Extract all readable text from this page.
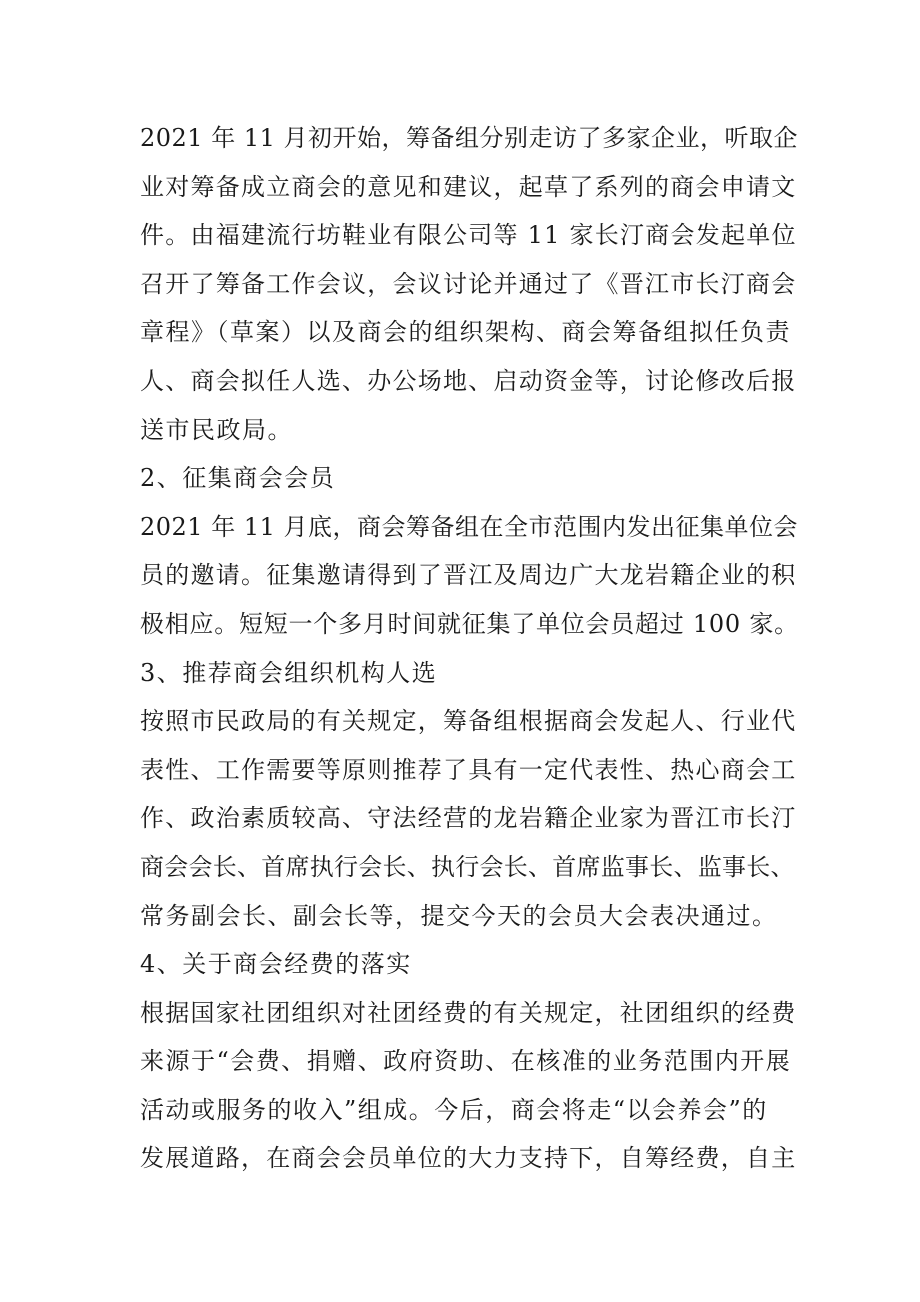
2021 年 11 月初开始，筹备组分别走访了多家企业，听取企
业对筹备成立商会的意见和建议，起草了系列的商会申请文
件。由福建流行坊鞋业有限公司等 11 家长汀商会发起单位
召开了筹备工作会议，会议讨论并通过了《晋江市长汀商会
章程》（草案）以及商会的组织架构、商会筹备组拟任负责
人、商会拟任人选、办公场地、启动资金等，讨论修改后报
送市民政局。
2、征集商会会员
2021 年 11 月底，商会筹备组在全市范围内发出征集单位会
员的邀请。征集邀请得到了晋江及周边广大龙岩籍企业的积
极相应。短短一个多月时间就征集了单位会员超过 100 家。
3、推荐商会组织机构人选
按照市民政局的有关规定，筹备组根据商会发起人、行业代
表性、工作需要等原则推荐了具有一定代表性、热心商会工
作、政治素质较高、守法经营的龙岩籍企业家为晋江市长汀
商会会长、首席执行会长、执行会长、首席监事长、监事长、
常务副会长、副会长等，提交今天的会员大会表决通过。
4、关于商会经费的落实
根据国家社团组织对社团经费的有关规定，社团组织的经费
来源于“会费、捐赠、政府资助、在核准的业务范围内开展
活动或服务的收入”组成。今后，商会将走“以会养会”的
发展道路，在商会会员单位的大力支持下，自筹经费，自主
